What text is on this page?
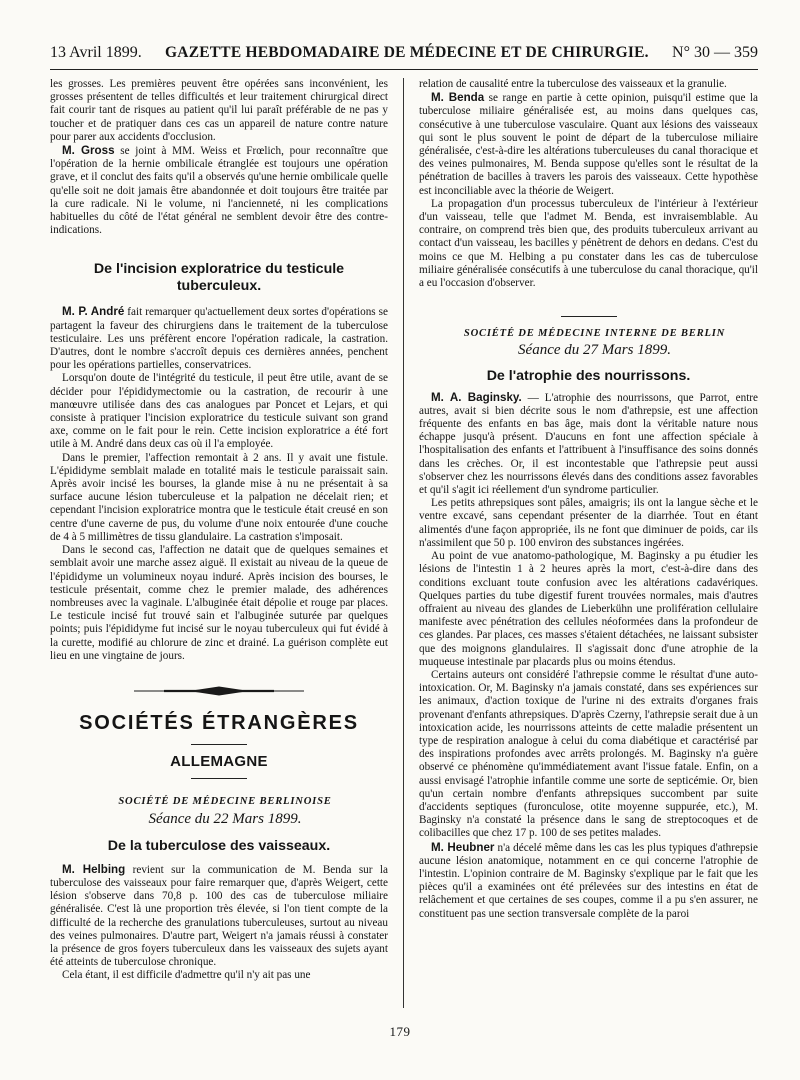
13 Avril 1899. GAZETTE HEBDOMADAIRE DE MÉDECINE ET DE CHIRURGIE. N° 30 — 359

les grosses. Les premières peuvent être opérées sans inconvénient, les grosses présentent de telles difficultés et leur traitement chirurgical direct fait courir tant de risques au patient qu'il lui paraît préférable de ne pas y toucher et de pratiquer dans ces cas un appareil de nature contre nature pour parer aux accidents d'occlusion.

M. Gross se joint à MM. Weiss et Frœlich, pour reconnaître que l'opération de la hernie ombilicale étranglée est toujours une opération grave, et il conclut des faits qu'il a observés qu'une hernie ombilicale quelle qu'elle soit ne doit jamais être abandonnée et doit toujours être traitée par la cure radicale. Ni le volume, ni l'ancienneté, ni les complications habituelles du côté de l'état général ne semblent devoir être des contre-indications.

De l'incision exploratrice du testicule tuberculeux.

M. P. André fait remarquer qu'actuellement deux sortes d'opérations se partagent la faveur des chirurgiens dans le traitement de la tuberculose testiculaire. Les uns préfèrent encore l'opération radicale, la castration. D'autres, dont le nombre s'accroît depuis ces dernières années, penchent pour les opérations partielles, conservatrices.

Lorsqu'on doute de l'intégrité du testicule, il peut être utile, avant de se décider pour l'épididymectomie ou la castration, de recourir à une manœuvre utilisée dans des cas analogues par Poncet et Lejars, et qui consiste à pratiquer l'incision exploratrice du testicule suivant son grand axe, comme on le fait pour le rein. Cette incision exploratrice a été fort utile à M. André dans deux cas où il l'a employée.

Dans le premier, l'affection remontait à 2 ans. Il y avait une fistule. L'épididyme semblait malade en totalité mais le testicule paraissait sain. Après avoir incisé les bourses, la glande mise à nu ne présentait à sa surface aucune lésion tuberculeuse et la palpation ne décelait rien; et cependant l'incision exploratrice montra que le testicule était creusé en son centre d'une caverne de pus, du volume d'une noix entourée d'une couche de 4 à 5 millimètres de tissu glandulaire. La castration s'imposait.

Dans le second cas, l'affection ne datait que de quelques semaines et semblait avoir une marche assez aiguë. Il existait au niveau de la queue de l'épididyme un volumineux noyau induré. Après incision des bourses, le testicule présentait, comme chez le premier malade, des adhérences nombreuses avec la vaginale. L'albuginée était dépolie et rouge par places. Le testicule incisé fut trouvé sain et l'albuginée suturée par quelques points; puis l'épididyme fut incisé sur le noyau tuberculeux qui fut évidé à la curette, modifié au chlorure de zinc et drainé. La guérison complète eut lieu en une vingtaine de jours.

SOCIÉTÉS ÉTRANGÈRES
ALLEMAGNE

SOCIÉTÉ DE MÉDECINE BERLINOISE

Séance du 22 Mars 1899.

De la tuberculose des vaisseaux.

M. Helbing revient sur la communication de M. Benda sur la tuberculose des vaisseaux pour faire remarquer que, d'après Weigert, cette lésion s'observe dans 70,8 p. 100 des cas de tuberculose miliaire généralisée. C'est là une proportion très élevée, si l'on tient compte de la difficulté de la recherche des granulations tuberculeuses, surtout au niveau des veines pulmonaires. D'autre part, Weigert n'a jamais réussi à constater la présence de gros foyers tuberculeux dans les vaisseaux des sujets ayant été atteints de tuberculose chronique.

Cela étant, il est difficile d'admettre qu'il n'y ait pas une

relation de causalité entre la tuberculose des vaisseaux et la granulie.

M. Benda se range en partie à cette opinion, puisqu'il estime que la tuberculose miliaire généralisée est, au moins dans quelques cas, consécutive à une tuberculose vasculaire. Quant aux lésions des vaisseaux qui sont le plus souvent le point de départ de la tuberculose miliaire généralisée, c'est-à-dire les altérations tuberculeuses du canal thoracique et des veines pulmonaires, M. Benda suppose qu'elles sont le résultat de la pénétration de bacilles à travers les parois des vaisseaux. Cette hypothèse est inconciliable avec la théorie de Weigert.

La propagation d'un processus tuberculeux de l'intérieur à l'extérieur d'un vaisseau, telle que l'admet M. Benda, est invraisemblable. Au contraire, on comprend très bien que, des produits tuberculeux arrivant au contact d'un vaisseau, les bacilles y pénètrent de dehors en dedans. C'est du moins ce que M. Helbing a pu constater dans les cas de tuberculose miliaire généralisée consécutifs à une tuberculose du canal thoracique, qu'il a eu l'occasion d'observer.

SOCIÉTÉ DE MÉDECINE INTERNE DE BERLIN

Séance du 27 Mars 1899.

De l'atrophie des nourrissons.

M. A. Baginsky. — L'atrophie des nourrissons, que Parrot, entre autres, avait si bien décrite sous le nom d'athrepsie, est une affection fréquente des enfants en bas âge, mais dont la véritable nature nous échappe jusqu'à présent. D'aucuns en font une affection spéciale à l'hospitalisation des enfants et l'attribuent à l'insuffisance des soins donnés dans les crèches. Or, il est incontestable que l'athrepsie peut aussi s'observer chez les nourrissons élevés dans des conditions assez favorables et qu'il s'agit ici réellement d'un syndrome particulier.

Les petits athrepsiques sont pâles, amaigris; ils ont la langue sèche et le ventre excavé, sans cependant présenter de la diarrhée. Tout en étant alimentés d'une façon appropriée, ils ne font que diminuer de poids, car ils n'assimilent que 50 p. 100 environ des substances ingérées.

Au point de vue anatomo-pathologique, M. Baginsky a pu étudier les lésions de l'intestin 1 à 2 heures après la mort, c'est-à-dire dans des conditions excluant toute confusion avec les altérations cadavériques. Quelques parties du tube digestif furent trouvées normales, mais d'autres offraient au niveau des glandes de Lieberkühn une prolifération cellulaire manifeste avec pénétration des cellules néoformées dans la profondeur de ces glandes. Par places, ces masses s'étaient détachées, ne laissant subsister que des moignons glandulaires. Il s'agissait donc d'une atrophie de la muqueuse intestinale par placards plus ou moins étendus.

Certains auteurs ont considéré l'athrepsie comme le résultat d'une auto-intoxication. Or, M. Baginsky n'a jamais constaté, dans ses expériences sur les animaux, d'action toxique de l'urine ni des extraits d'organes frais provenant d'enfants athrepsiques. D'après Czerny, l'athrepsie serait due à un intoxication acide, les nourrissons atteints de cette maladie présentent un type de respiration analogue à celui du coma diabétique et caractérisé par des inspirations profondes avec arrêts prolongés. M. Baginsky n'a guère observé ce phénomène qu'immédiatement avant l'issue fatale. Enfin, on a aussi envisagé l'atrophie infantile comme une sorte de septicémie. Or, bien qu'un certain nombre d'enfants athrepsiques succombent par suite d'accidents septiques (furonculose, otite moyenne suppurée, etc.), M. Baginsky n'a constaté la présence dans le sang de streptocoques et de colibacilles que chez 17 p. 100 de ses petites malades.

M. Heubner n'a décelé même dans les cas les plus typiques d'athrepsie aucune lésion anatomique, notamment en ce qui concerne l'atrophie de l'intestin. L'opinion contraire de M. Baginsky s'explique par le fait que les pièces qu'il a examinées ont été prélevées sur des intestins en état de relâchement et que certaines de ses coupes, comme il a pu s'en assurer, ne constituent pas une section transversale complète de la paroi

179
